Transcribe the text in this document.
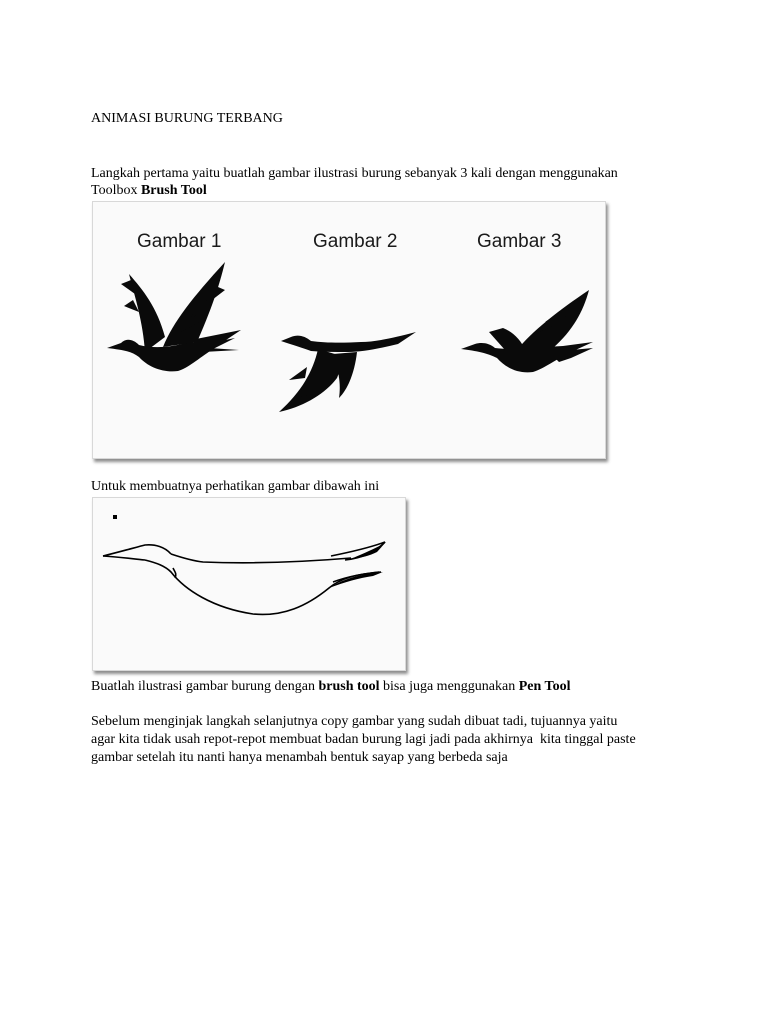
ANIMASI BURUNG TERBANG
Langkah pertama yaitu buatlah gambar ilustrasi burung sebanyak 3 kali dengan menggunakan
Toolbox Brush Tool
Gambar 1	Gambar 2	Gambar 3
Untuk membuatnya perhatikan gambar dibawah ini
Buatlah ilustrasi gambar burung dengan brush tool bisa juga menggunakan Pen Tool
Sebelum menginjak langkah selanjutnya copy gambar yang sudah dibuat tadi, tujuannya yaitu
agar kita tidak usah repot-repot membuat badan burung lagi jadi pada akhirnya  kita tinggal paste
gambar setelah itu nanti hanya menambah bentuk sayap yang berbeda saja
